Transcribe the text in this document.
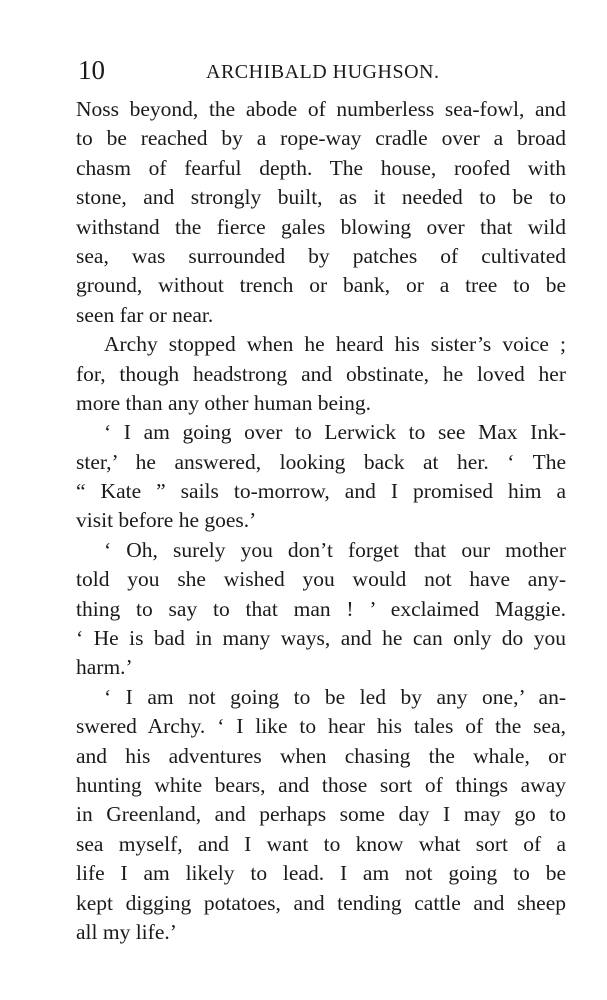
10	ARCHIBALD HUGHSON.
Noss beyond, the abode of numberless sea-fowl, and
to be reached by a rope-way cradle over a broad
chasm of fearful depth. The house, roofed with
stone, and strongly built, as it needed to be to
withstand the fierce gales blowing over that wild
sea, was surrounded by patches of cultivated
ground, without trench or bank, or a tree to be
seen far or near.
Archy stopped when he heard his sister’s voice ;
for, though headstrong and obstinate, he loved her
more than any other human being.
‘ I am going over to Lerwick to see Max Ink-
ster,’ he answered, looking back at her. ‘ The
“ Kate ” sails to-morrow, and I promised him a
visit before he goes.’
‘ Oh, surely you don’t forget that our mother
told you she wished you would not have any-
thing to say to that man ! ’ exclaimed Maggie.
‘ He is bad in many ways, and he can only do you
harm.’
‘ I am not going to be led by any one,’ an-
swered Archy. ‘ I like to hear his tales of the sea,
and his adventures when chasing the whale, or
hunting white bears, and those sort of things away
in Greenland, and perhaps some day I may go to
sea myself, and I want to know what sort of a
life I am likely to lead. I am not going to be
kept digging potatoes, and tending cattle and sheep
all my life.’
